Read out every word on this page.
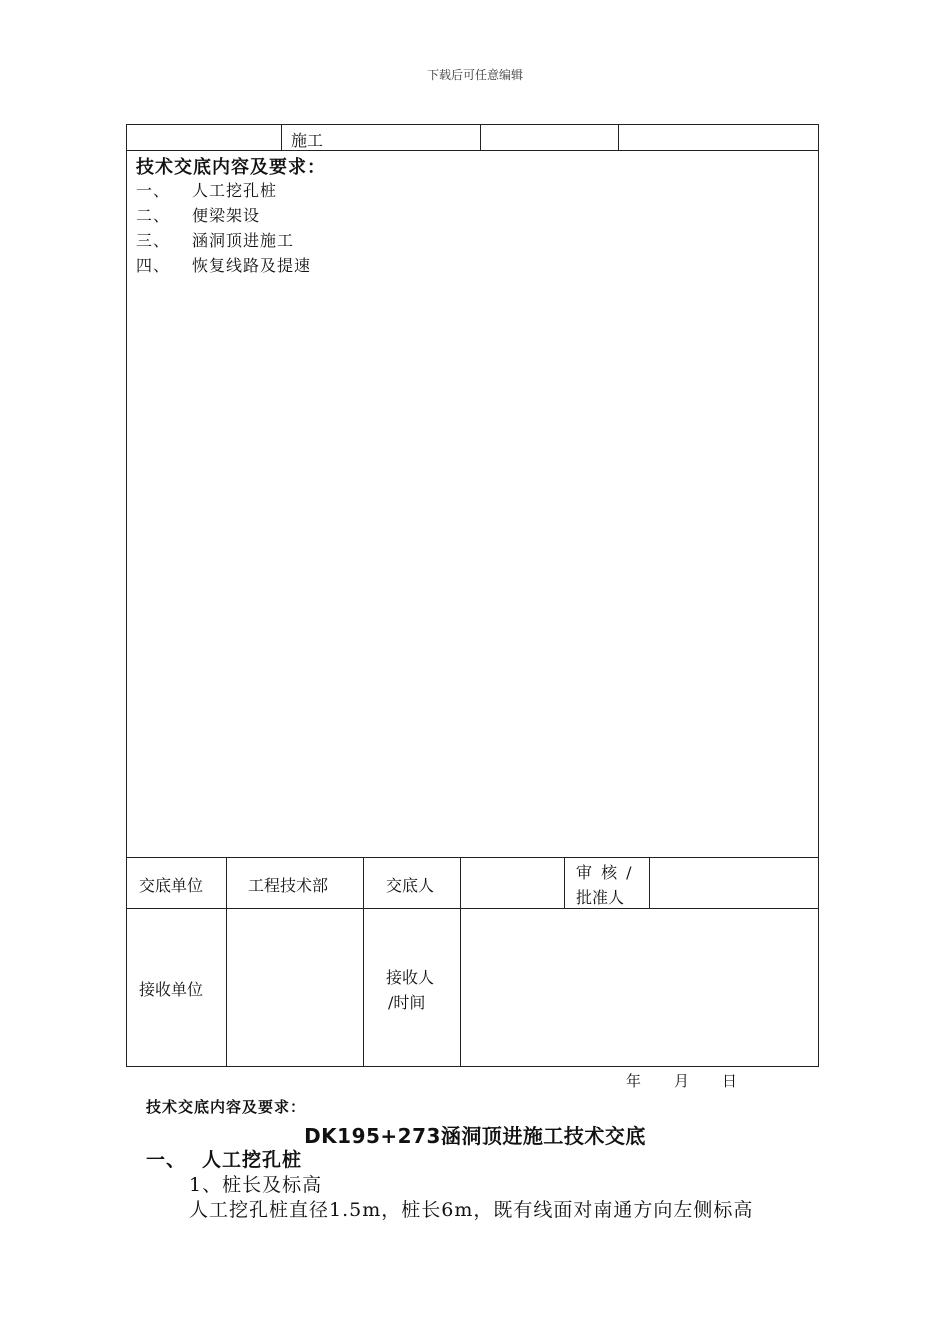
下载后可任意编辑
施工
技术交底内容及要求：
一、 人工挖孔桩
二、 便梁架设
三、 涵洞顶进施工
四、 恢复线路及提速
交底单位	工程技术部	交底人
审 核 /
批准人
接收单位
接收人
/时间
年 月 日
技术交底内容及要求：
DK195+273涵洞顶进施工技术交底
一、 人工挖孔桩
1、桩长及标高
人工挖孔桩直径1.5m，桩长6m，既有线面对南通方向左侧标高
